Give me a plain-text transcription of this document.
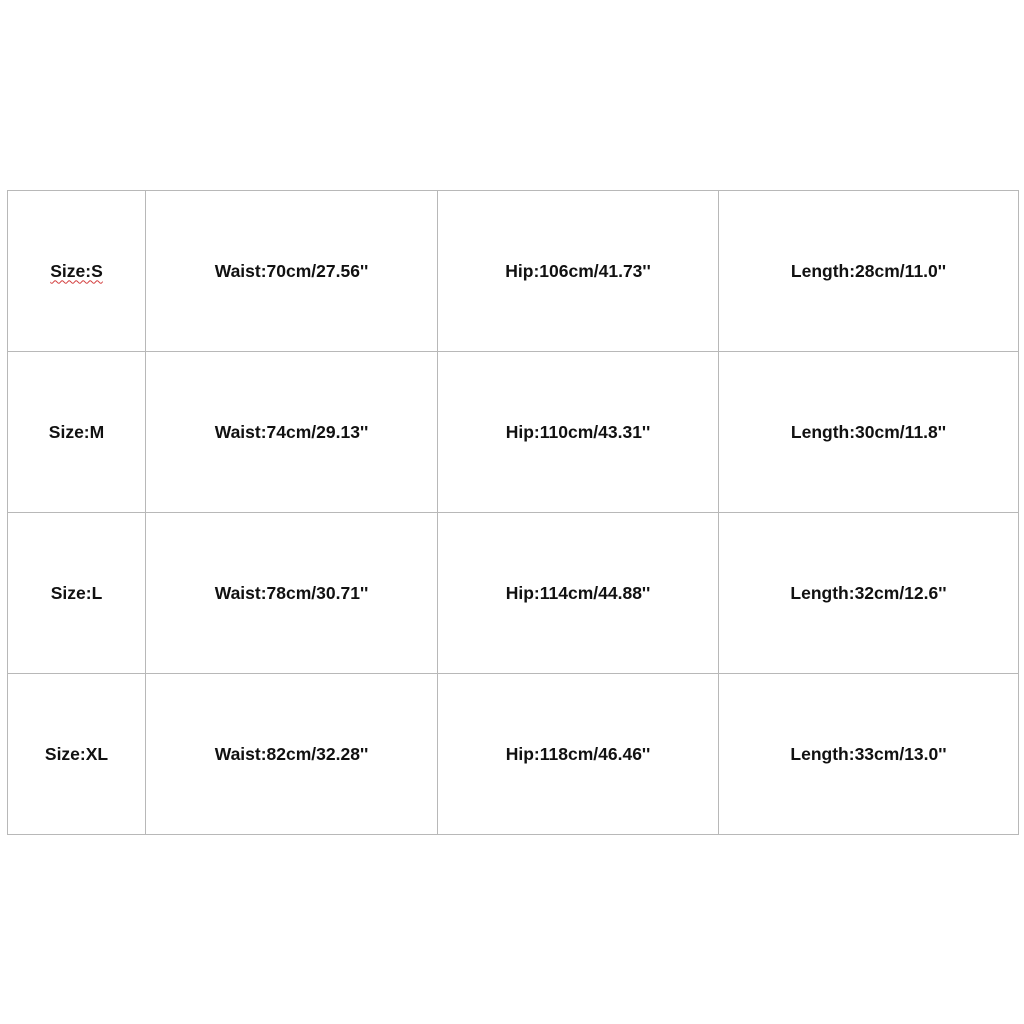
Size:S	Waist:70cm/27.56''	Hip:106cm/41.73''	Length:28cm/11.0''
Size:M	Waist:74cm/29.13''	Hip:110cm/43.31''	Length:30cm/11.8''
Size:L	Waist:78cm/30.71''	Hip:114cm/44.88''	Length:32cm/12.6''
Size:XL	Waist:82cm/32.28''	Hip:118cm/46.46''	Length:33cm/13.0''
